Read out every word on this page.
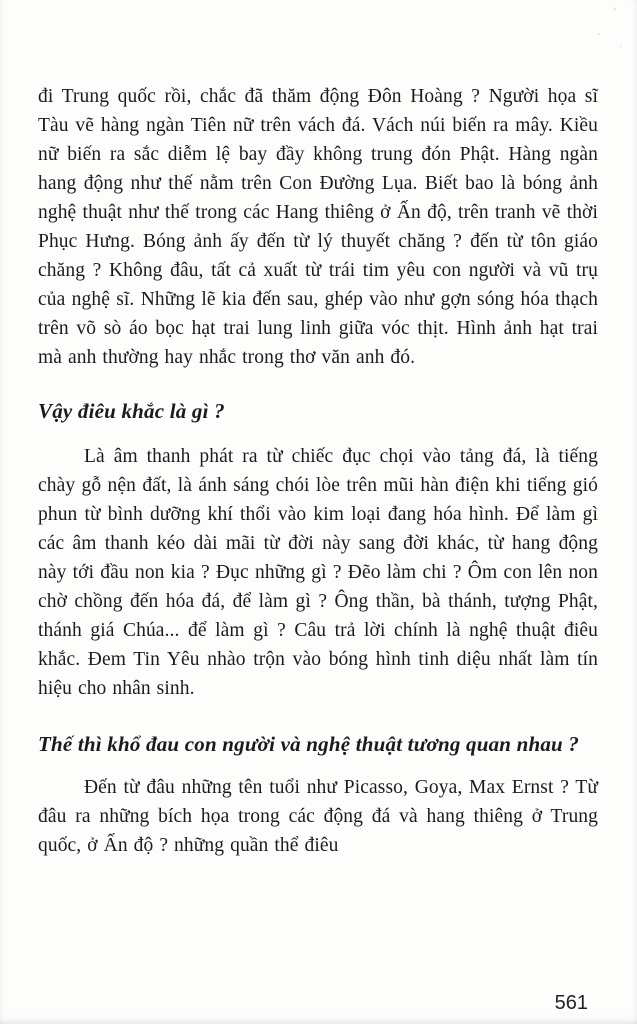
đi Trung quốc rồi, chắc đã thăm động Đôn Hoàng ? Người họa sĩ Tàu vẽ hàng ngàn Tiên nữ trên vách đá. Vách núi biến ra mây. Kiều nữ biến ra sắc diễm lệ bay đầy không trung đón Phật. Hàng ngàn hang động như thế nằm trên Con Đường Lụa. Biết bao là bóng ảnh nghệ thuật như thế trong các Hang thiêng ở Ấn độ, trên tranh vẽ thời Phục Hưng. Bóng ảnh ấy đến từ lý thuyết chăng ? đến từ tôn giáo chăng ? Không đâu, tất cả xuất từ trái tim yêu con người và vũ trụ của nghệ sĩ. Những lẽ kia đến sau, ghép vào như gợn sóng hóa thạch trên võ sò áo bọc hạt trai lung linh giữa vóc thịt. Hình ảnh hạt trai mà anh thường hay nhắc trong thơ văn anh đó.

Vậy điêu khắc là gì ?

Là âm thanh phát ra từ chiếc đục chọi vào tảng đá, là tiếng chày gỗ nện đất, là ánh sáng chói lòe trên mũi hàn điện khi tiếng gió phun từ bình dưỡng khí thổi vào kim loại đang hóa hình. Để làm gì các âm thanh kéo dài mãi từ đời này sang đời khác, từ hang động này tới đầu non kia ? Đục những gì ? Đẽo làm chi ? Ôm con lên non chờ chồng đến hóa đá, để làm gì ? Ông thần, bà thánh, tượng Phật, thánh giá Chúa... để làm gì ? Câu trả lời chính là nghệ thuật điêu khắc. Đem Tin Yêu nhào trộn vào bóng hình tinh diệu nhất làm tín hiệu cho nhân sinh.

Thế thì khổ đau con người và nghệ thuật tương quan nhau ?

Đến từ đâu những tên tuổi như Picasso, Goya, Max Ernst ? Từ đâu ra những bích họa trong các động đá và hang thiêng ở Trung quốc, ở Ấn độ ? những quần thể điêu

561
